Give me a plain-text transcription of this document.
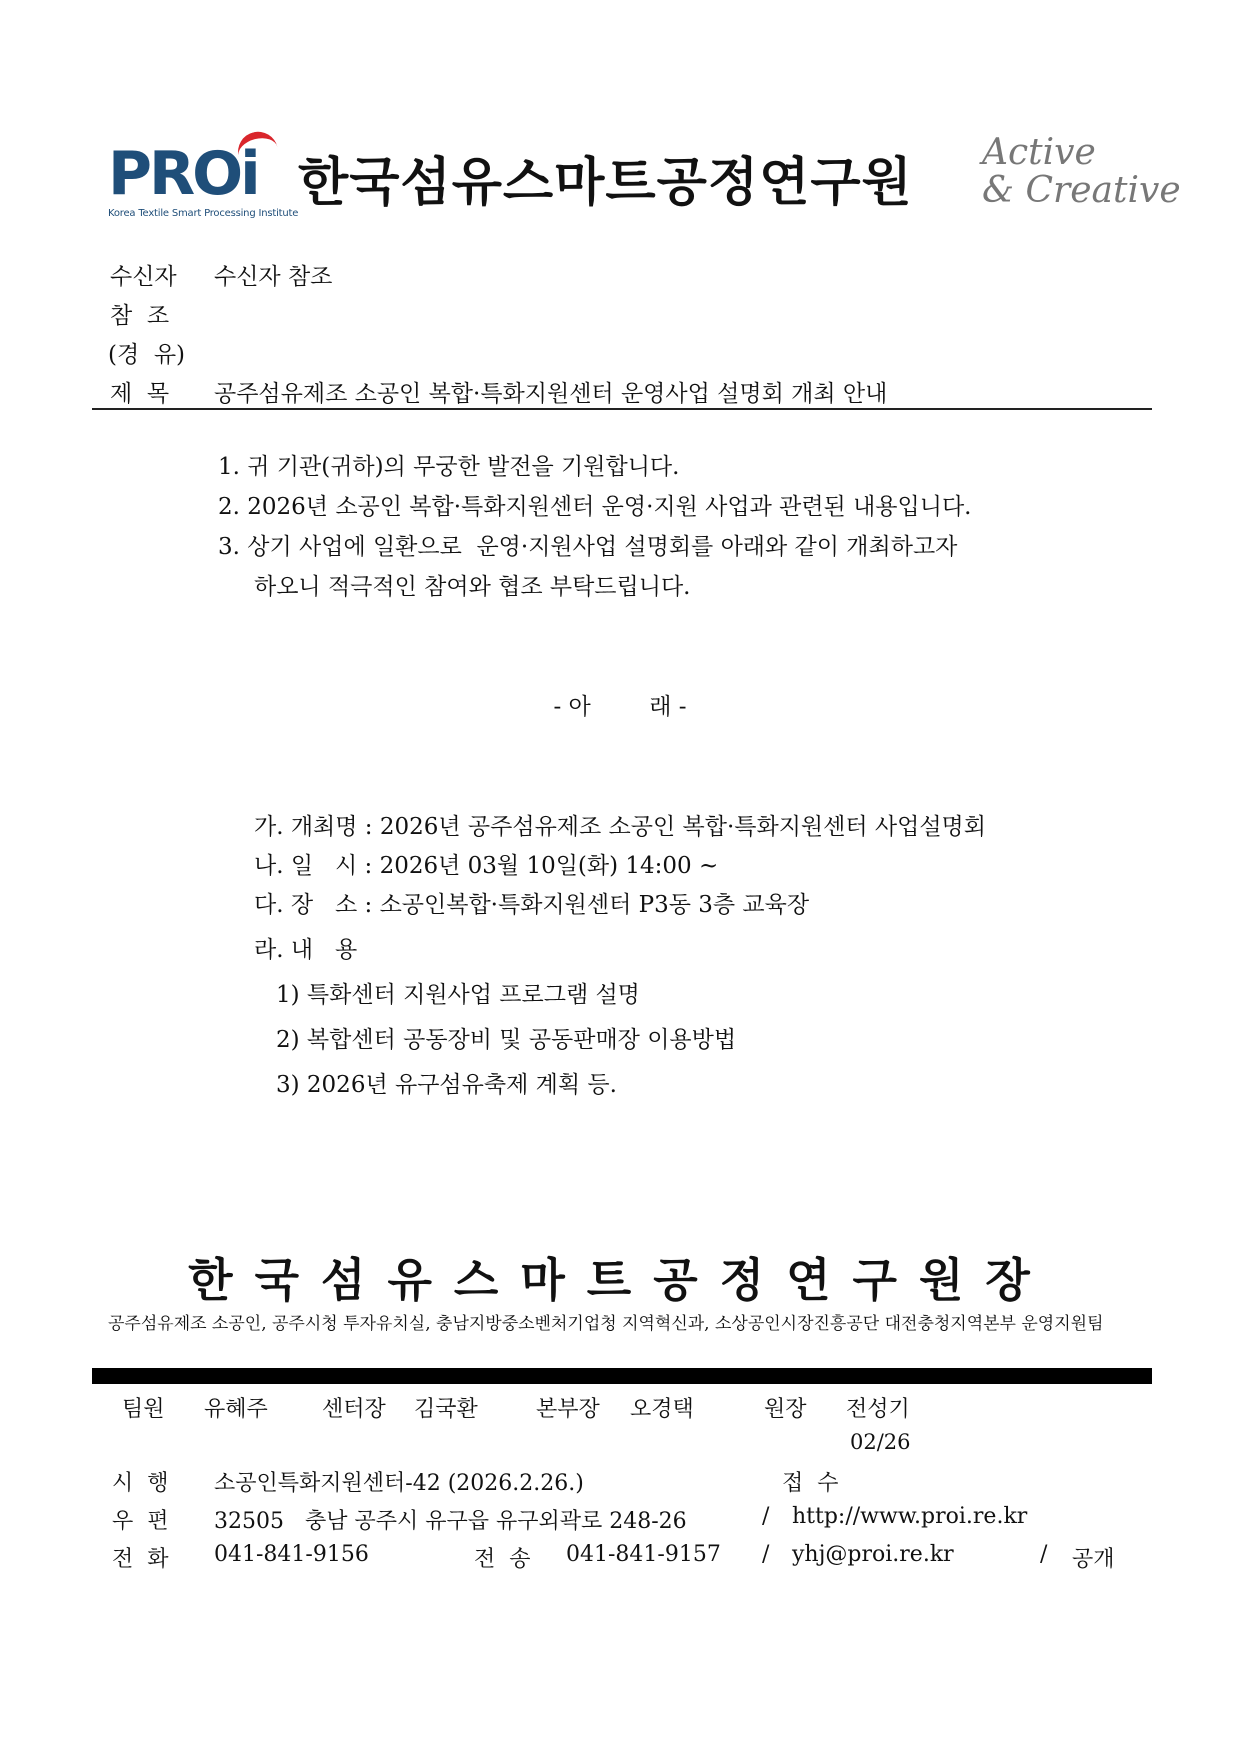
PROi
Korea Textile Smart Processing Institute
한국섬유스마트공정연구원
Active
& Creative
수신자 수신자 참조
참  조
(경  유)
제  목 공주섬유제조 소공인 복합·특화지원센터 운영사업 설명회 개최 안내
1. 귀 기관(귀하)의 무궁한 발전을 기원합니다.
2. 2026년 소공인 복합·특화지원센터 운영·지원 사업과 관련된 내용입니다.
3. 상기 사업에 일환으로  운영·지원사업 설명회를 아래와 같이 개최하고자
하오니 적극적인 참여와 협조 부탁드립니다.
- 아        래 -
가. 개최명 : 2026년 공주섬유제조 소공인 복합·특화지원센터 사업설명회
나. 일   시 : 2026년 03월 10일(화) 14:00 ~
다. 장   소 : 소공인복합·특화지원센터 P3동 3층 교육장
라. 내   용
1) 특화센터 지원사업 프로그램 설명
2) 복합센터 공동장비 및 공동판매장 이용방법
3) 2026년 유구섬유축제 계획 등.
한국섬유스마트공정연구원장
공주섬유제조 소공인, 공주시청 투자유치실, 충남지방중소벤처기업청 지역혁신과, 소상공인시장진흥공단 대전충청지역본부 운영지원팀
팀원 유혜주 센터장 김국환	본부장 오경택	원장 전성기
02/26
시  행 소공인특화지원센터-42 (2026.2.26.)	접  수
우  편 32505   충남 공주시 유구읍 유구외곽로 248-26	/ http://www.proi.re.kr
전  화 041-841-9156	전  송 041-841-9157 / yhj@proi.re.kr	/ 공개
